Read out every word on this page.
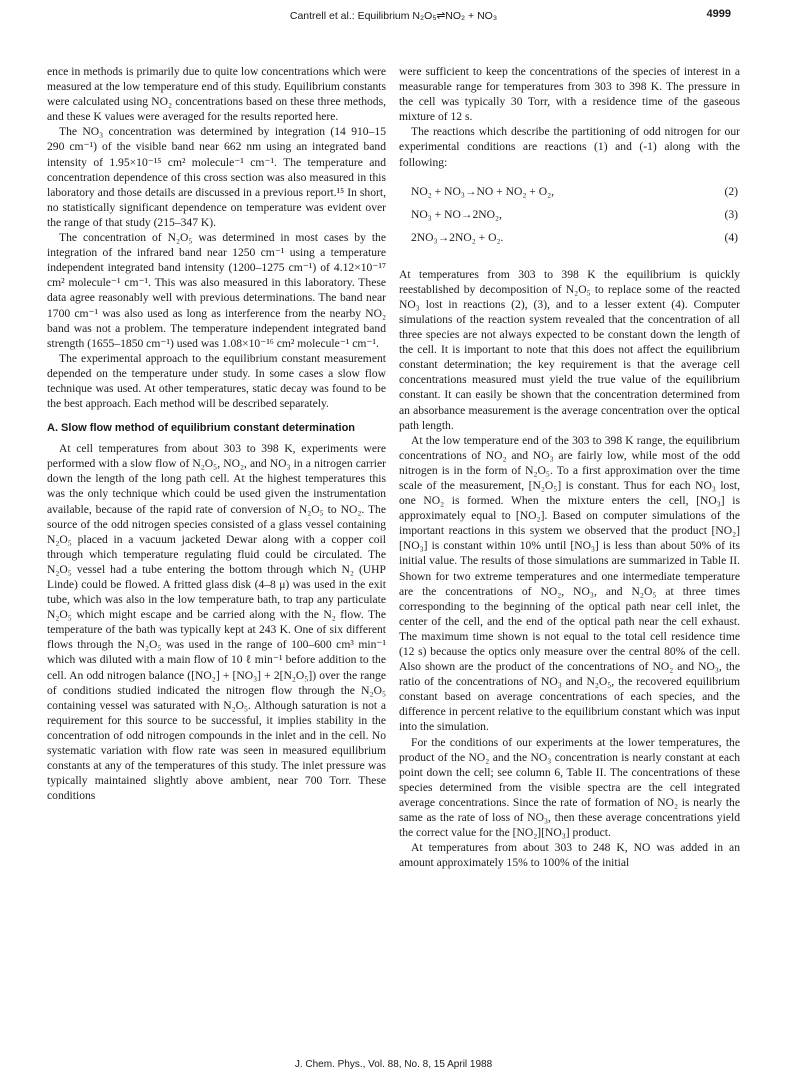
Cantrell et al.: Equilibrium N₂O₅⇌NO₂ + NO₃	4999

ence in methods is primarily due to quite low concentrations which were measured at the low temperature end of this study. Equilibrium constants were calculated using NO₂ concentrations based on these three methods, and these K values were averaged for the results reported here.

The NO₃ concentration was determined by integration (14 910–15 290 cm⁻¹) of the visible band near 662 nm using an integrated band intensity of 1.95×10⁻¹⁵ cm² molecule⁻¹ cm⁻¹. The temperature and concentration dependence of this cross section was also measured in this laboratory and those details are discussed in a previous report.¹⁵ In short, no statistically significant dependence on temperature was evident over the range of that study (215–347 K).

The concentration of N₂O₅ was determined in most cases by the integration of the infrared band near 1250 cm⁻¹ using a temperature independent integrated band intensity (1200–1275 cm⁻¹) of 4.12×10⁻¹⁷ cm² molecule⁻¹ cm⁻¹. This was also measured in this laboratory. These data agree reasonably well with previous determinations. The band near 1700 cm⁻¹ was also used as long as interference from the nearby NO₂ band was not a problem. The temperature independent integrated band strength (1655–1850 cm⁻¹) used was 1.08×10⁻¹⁶ cm² molecule⁻¹ cm⁻¹.

The experimental approach to the equilibrium constant measurement depended on the temperature under study. In some cases a slow flow technique was used. At other temperatures, static decay was found to be the best approach. Each method will be described separately.

A. Slow flow method of equilibrium constant determination

At cell temperatures from about 303 to 398 K, experiments were performed with a slow flow of N₂O₅, NO₂, and NO₃ in a nitrogen carrier down the length of the long path cell. At the highest temperatures this was the only technique which could be used given the instrumentation available, because of the rapid rate of conversion of N₂O₅ to NO₂. The source of the odd nitrogen species consisted of a glass vessel containing N₂O₅ placed in a vacuum jacketed Dewar along with a copper coil through which temperature regulating fluid could be circulated. The N₂O₅ vessel had a tube entering the bottom through which N₂ (UHP Linde) could be flowed. A fritted glass disk (4–8 μ) was used in the exit tube, which was also in the low temperature bath, to trap any particulate N₂O₅ which might escape and be carried along with the N₂ flow. The temperature of the bath was typically kept at 243 K. One of six different flows through the N₂O₅ was used in the range of 100–600 cm³ min⁻¹ which was diluted with a main flow of 10 ℓ min⁻¹ before addition to the cell. An odd nitrogen balance ([NO₂] + [NO₃] + 2[N₂O₅]) over the range of conditions studied indicated the nitrogen flow through the N₂O₅ containing vessel was saturated with N₂O₅. Although saturation is not a requirement for this source to be successful, it implies stability in the concentration of odd nitrogen compounds in the inlet and in the cell. No systematic variation with flow rate was seen in measured equilibrium constants at any of the temperatures of this study. The inlet pressure was typically maintained slightly above ambient, near 700 Torr. These conditions

were sufficient to keep the concentrations of the species of interest in a measurable range for temperatures from 303 to 398 K. The pressure in the cell was typically 30 Torr, with a residence time of the gaseous mixture of 12 s.

The reactions which describe the partitioning of odd nitrogen for our experimental conditions are reactions (1) and (-1) along with the following:

NO₂ + NO₃→NO + NO₂ + O₂,	(2)
NO₃ + NO→2NO₂,	(3)
2NO₃→2NO₂ + O₂.	(4)

At temperatures from 303 to 398 K the equilibrium is quickly reestablished by decomposition of N₂O₅ to replace some of the reacted NO₃ lost in reactions (2), (3), and to a lesser extent (4). Computer simulations of the reaction system revealed that the concentration of all three species are not always expected to be constant down the length of the cell. It is important to note that this does not affect the equilibrium constant determination; the key requirement is that the average cell concentrations measured must yield the true value of the equilibrium constant. It can easily be shown that the concentration determined from an absorbance measurement is the average concentration over the optical path length.

At the low temperature end of the 303 to 398 K range, the equilibrium concentrations of NO₂ and NO₃ are fairly low, while most of the odd nitrogen is in the form of N₂O₅. To a first approximation over the time scale of the measurement, [N₂O₅] is constant. Thus for each NO₃ lost, one NO₂ is formed. When the mixture enters the cell, [NO₃] is approximately equal to [NO₂]. Based on computer simulations of the important reactions in this system we observed that the product [NO₂][NO₃] is constant within 10% until [NO₃] is less than about 50% of its initial value. The results of those simulations are summarized in Table II. Shown for two extreme temperatures and one intermediate temperature are the concentrations of NO₂, NO₃, and N₂O₅ at three times corresponding to the beginning of the optical path near cell inlet, the center of the cell, and the end of the optical path near the cell exhaust. The maximum time shown is not equal to the total cell residence time (12 s) because the optics only measure over the central 80% of the cell. Also shown are the product of the concentrations of NO₂ and NO₃, the ratio of the concentrations of NO₃ and N₂O₅, the recovered equilibrium constant based on average concentrations of each species, and the difference in percent relative to the equilibrium constant which was input into the simulation.

For the conditions of our experiments at the lower temperatures, the product of the NO₂ and the NO₃ concentration is nearly constant at each point down the cell; see column 6, Table II. The concentrations of these species determined from the visible spectra are the cell integrated average concentrations. Since the rate of formation of NO₂ is nearly the same as the rate of loss of NO₃, then these average concentrations yield the correct value for the [NO₂][NO₃] product.

At temperatures from about 303 to 248 K, NO was added in an amount approximately 15% to 100% of the initial

J. Chem. Phys., Vol. 88, No. 8, 15 April 1988
